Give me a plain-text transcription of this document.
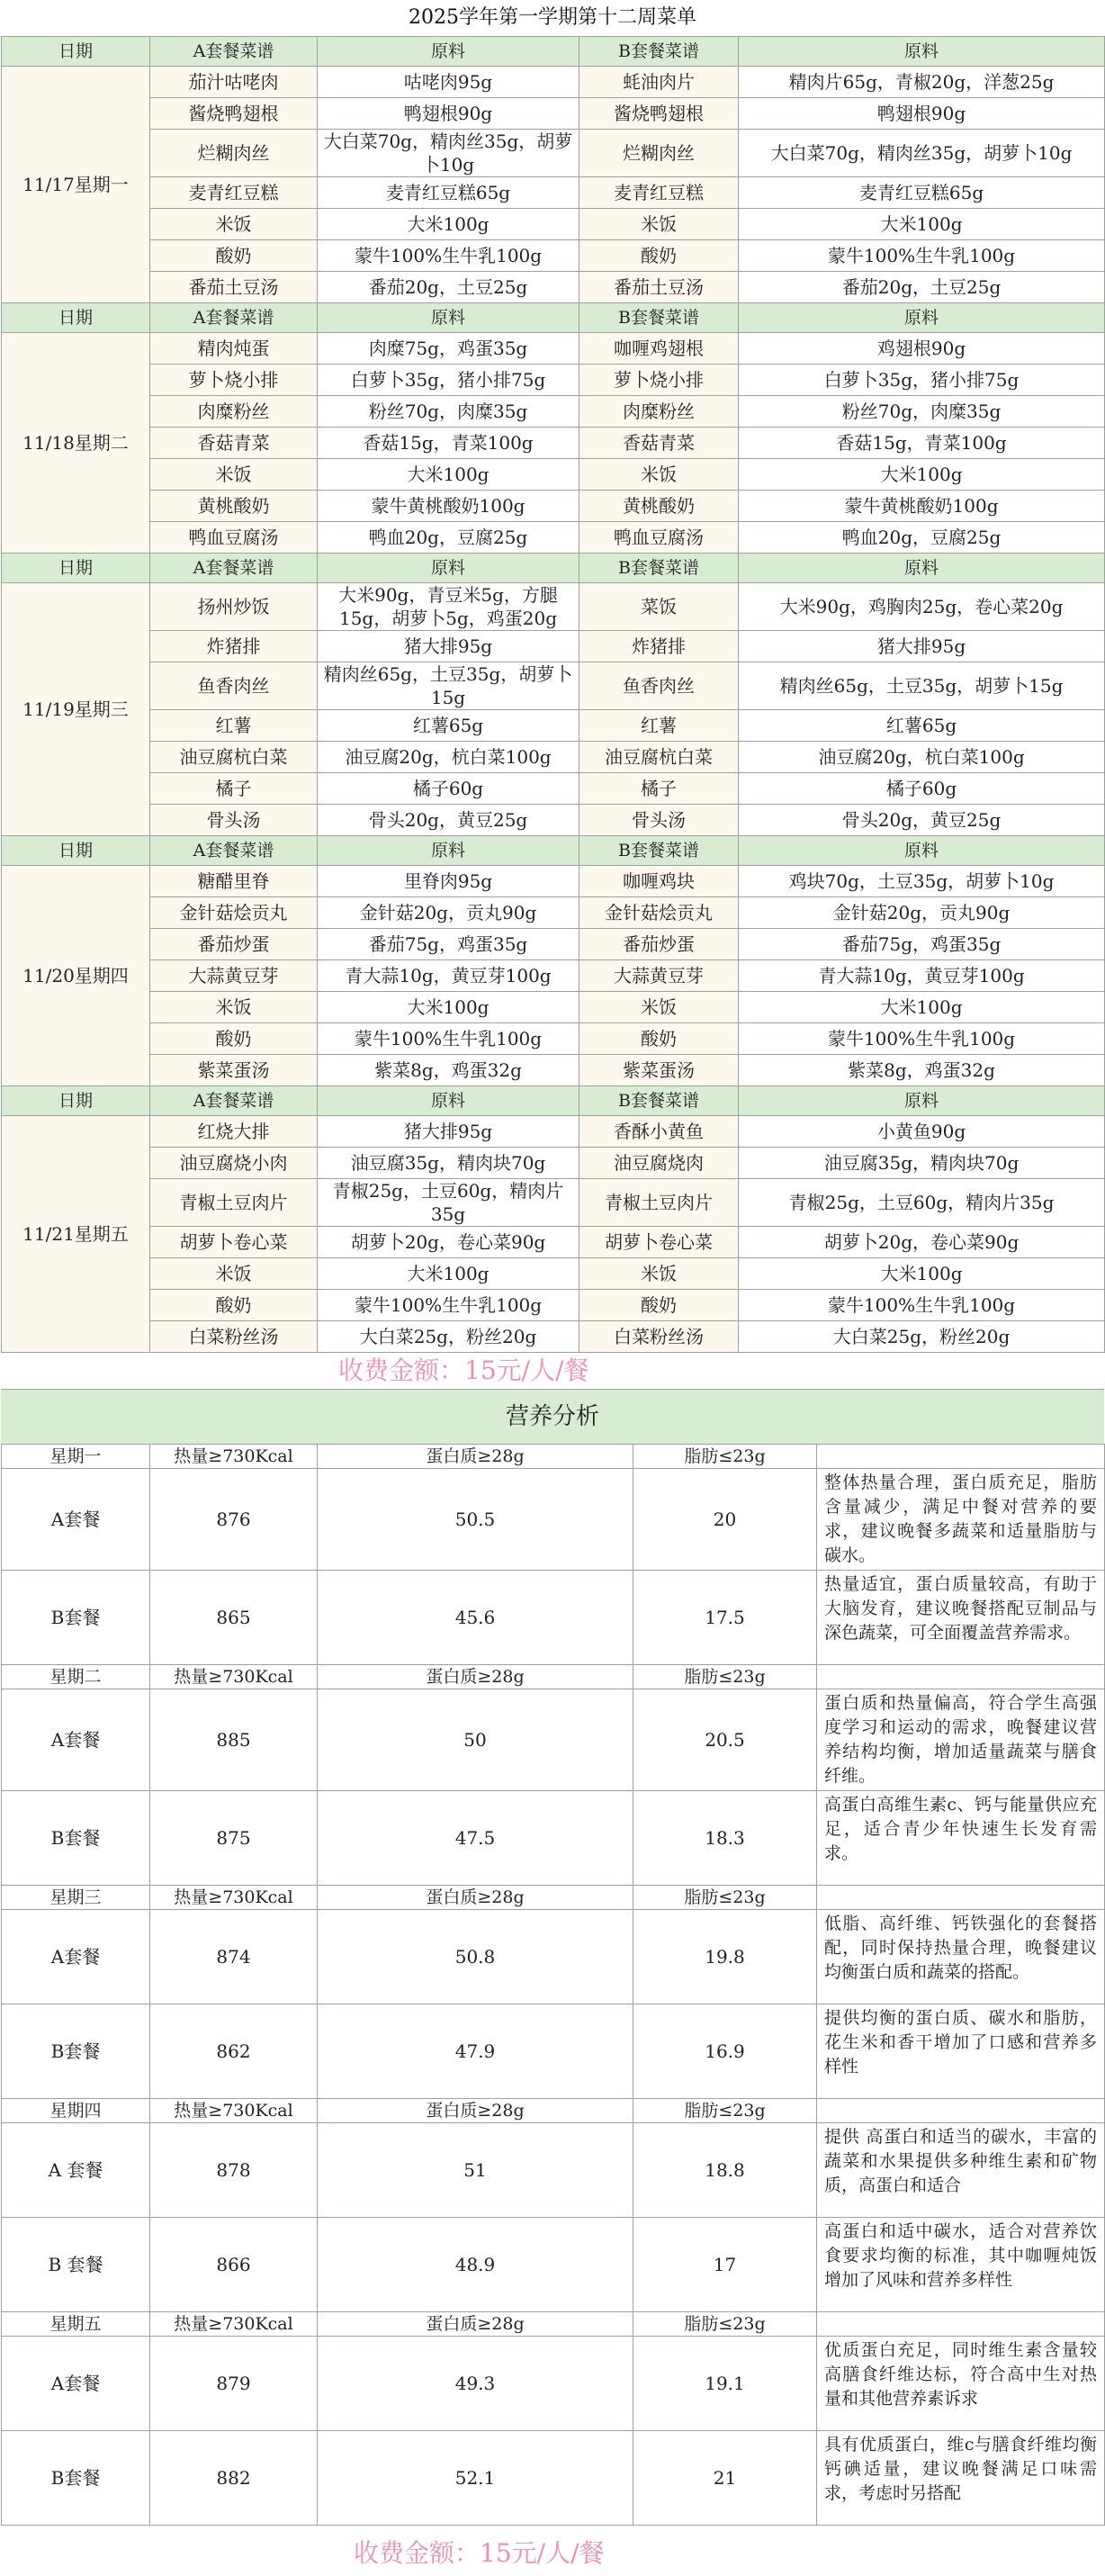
2025学年第一学期第十二周菜单
日期	A套餐菜谱	原料	B套餐菜谱	原料
11/17星期一	茄汁咕咾肉	咕咾肉95g	蚝油肉片	精肉片65g，青椒20g，洋葱25g
	酱烧鸭翅根	鸭翅根90g	酱烧鸭翅根	鸭翅根90g
	烂糊肉丝	大白菜70g，精肉丝35g，胡萝卜10g	烂糊肉丝	大白菜70g，精肉丝35g，胡萝卜10g
	麦青红豆糕	麦青红豆糕65g	麦青红豆糕	麦青红豆糕65g
	米饭	大米100g	米饭	大米100g
	酸奶	蒙牛100%生牛乳100g	酸奶	蒙牛100%生牛乳100g
	番茄土豆汤	番茄20g，土豆25g	番茄土豆汤	番茄20g，土豆25g
日期	A套餐菜谱	原料	B套餐菜谱	原料
11/18星期二	精肉炖蛋	肉糜75g，鸡蛋35g	咖喱鸡翅根	鸡翅根90g
	萝卜烧小排	白萝卜35g，猪小排75g	萝卜烧小排	白萝卜35g，猪小排75g
	肉糜粉丝	粉丝70g，肉糜35g	肉糜粉丝	粉丝70g，肉糜35g
	香菇青菜	香菇15g，青菜100g	香菇青菜	香菇15g，青菜100g
	米饭	大米100g	米饭	大米100g
	黄桃酸奶	蒙牛黄桃酸奶100g	黄桃酸奶	蒙牛黄桃酸奶100g
	鸭血豆腐汤	鸭血20g，豆腐25g	鸭血豆腐汤	鸭血20g，豆腐25g
日期	A套餐菜谱	原料	B套餐菜谱	原料
11/19星期三	扬州炒饭	大米90g，青豆米5g，方腿15g，胡萝卜5g，鸡蛋20g	菜饭	大米90g，鸡胸肉25g，卷心菜20g
	炸猪排	猪大排95g	炸猪排	猪大排95g
	鱼香肉丝	精肉丝65g，土豆35g，胡萝卜15g	鱼香肉丝	精肉丝65g，土豆35g，胡萝卜15g
	红薯	红薯65g	红薯	红薯65g
	油豆腐杭白菜	油豆腐20g，杭白菜100g	油豆腐杭白菜	油豆腐20g，杭白菜100g
	橘子	橘子60g	橘子	橘子60g
	骨头汤	骨头20g，黄豆25g	骨头汤	骨头20g，黄豆25g
日期	A套餐菜谱	原料	B套餐菜谱	原料
11/20星期四	糖醋里脊	里脊肉95g	咖喱鸡块	鸡块70g，土豆35g，胡萝卜10g
	金针菇烩贡丸	金针菇20g，贡丸90g	金针菇烩贡丸	金针菇20g，贡丸90g
	番茄炒蛋	番茄75g，鸡蛋35g	番茄炒蛋	番茄75g，鸡蛋35g
	大蒜黄豆芽	青大蒜10g，黄豆芽100g	大蒜黄豆芽	青大蒜10g，黄豆芽100g
	米饭	大米100g	米饭	大米100g
	酸奶	蒙牛100%生牛乳100g	酸奶	蒙牛100%生牛乳100g
	紫菜蛋汤	紫菜8g，鸡蛋32g	紫菜蛋汤	紫菜8g，鸡蛋32g
日期	A套餐菜谱	原料	B套餐菜谱	原料
11/21星期五	红烧大排	猪大排95g	香酥小黄鱼	小黄鱼90g
	油豆腐烧小肉	油豆腐35g，精肉块70g	油豆腐烧肉	油豆腐35g，精肉块70g
	青椒土豆肉片	青椒25g，土豆60g，精肉片35g	青椒土豆肉片	青椒25g，土豆60g，精肉片35g
	胡萝卜卷心菜	胡萝卜20g，卷心菜90g	胡萝卜卷心菜	胡萝卜20g，卷心菜90g
	米饭	大米100g	米饭	大米100g
	酸奶	蒙牛100%生牛乳100g	酸奶	蒙牛100%生牛乳100g
	白菜粉丝汤	大白菜25g，粉丝20g	白菜粉丝汤	大白菜25g，粉丝20g
收费金额：15元/人/餐
营养分析
星期一	热量≥730Kcal	蛋白质≥28g	脂肪≤23g	
A套餐	876	50.5	20	整体热量合理，蛋白质充足，脂肪含量减少，满足中餐对营养的要求，建议晚餐多蔬菜和适量脂肪与碳水。
B套餐	865	45.6	17.5	热量适宜，蛋白质量较高，有助于大脑发育，建议晚餐搭配豆制品与深色蔬菜，可全面覆盖营养需求。
星期二	热量≥730Kcal	蛋白质≥28g	脂肪≤23g	
A套餐	885	50	20.5	蛋白质和热量偏高，符合学生高强度学习和运动的需求，晚餐建议营养结构均衡，增加适量蔬菜与膳食纤维。
B套餐	875	47.5	18.3	高蛋白高维生素c、钙与能量供应充足，适合青少年快速生长发育需求。
星期三	热量≥730Kcal	蛋白质≥28g	脂肪≤23g	
A套餐	874	50.8	19.8	低脂、高纤维、钙铁强化的套餐搭配，同时保持热量合理，晚餐建议均衡蛋白质和蔬菜的搭配。
B套餐	862	47.9	16.9	提供均衡的蛋白质、碳水和脂肪，花生米和香干增加了口感和营养多样性
星期四	热量≥730Kcal	蛋白质≥28g	脂肪≤23g	
A 套餐	878	51	18.8	提供 高蛋白和适当的碳水，丰富的蔬菜和水果提供多种维生素和矿物质，高蛋白和适合
B 套餐	866	48.9	17	高蛋白和适中碳水，适合对营养饮食要求均衡的标准，其中咖喱炖饭增加了风味和营养多样性
星期五	热量≥730Kcal	蛋白质≥28g	脂肪≤23g	
A套餐	879	49.3	19.1	优质蛋白充足，同时维生素含量较高膳食纤维达标，符合高中生对热量和其他营养素诉求
B套餐	882	52.1	21	具有优质蛋白，维c与膳食纤维均衡钙碘适量，建议晚餐满足口味需求，考虑时另搭配
收费金额：15元/人/餐
